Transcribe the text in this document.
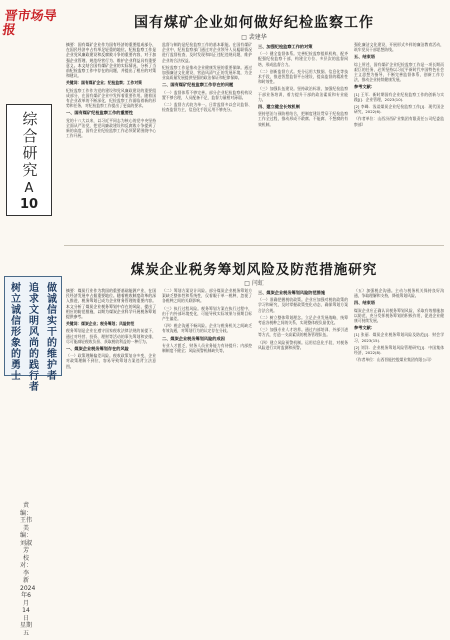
晋市场导
报
综合研究
A
10
做诚信实干的维护者
追求文明风尚的践行者
树立诚信形象的勇士
责编：王伟 美编：刘淑芳 校对：李 新 2024年6月14日 星期五
国有煤矿企业如何做好纪检监察工作
□ 裴建华

摘要：国有煤矿企业作为国有经济的重要组成部分，在国民经济中占有举足轻重的地位。纪检监察工作是企业党风廉政建设和反腐败斗争的重要内容，对于加强企业管理、规范经营行为、维护企业利益具有重要意义。本文结合国有煤矿企业的实际情况，分析了当前纪检监察工作中存在的问题，并提出了相应的对策和建议。

关键词：国有煤矿企业；纪检监察；工作对策

纪检监察工作作为党的建设和党风廉政建设的重要组成部分，在国有煤矿企业中发挥着重要作用。随着国有企业改革的不断深化，纪检监察工作面临着新的形势和任务，对纪检监察工作提出了更高的要求。

一、国有煤矿纪检监察工作的重要性

党的十八大以来，以习近平同志为核心的党中央坚持全面从严治党，把党风廉政建设和反腐败斗争提到了新的高度，国有企业纪检监察工作必须紧紧围绕中心工作开展。

监督与制约是纪检监察工作的基本职能。在国有煤矿企业中，纪检监察部门通过对企业领导人员履职情况进行监督检查，及时发现和纠正违纪违规问题，维护企业的合法权益。

纪检监察工作是推动企业健康发展的重要保障。通过加强廉洁文化建设，营造风清气正的发展环境，为企业高质量发展提供坚强的政治保证和纪律保障。

二、国有煤矿纪检监察工作存在的问题

（一）监督体系不够完善。部分企业纪检监察机构设置不够合理，人员配备不足，监督力量相对薄弱。

（二）监督方式较为单一。日常监督多以会议监督、检查监督为主，信息化手段运用不够充分。

三、加强纪检监察工作的对策

（一）健全监督体系。完善纪检监察组织机构，配齐配强纪检监察干部，构建全方位、多层次的监督网络，形成监督合力。

（二）创新监督方式。充分运用大数据、信息化等技术手段，推进智慧监督平台建设，提高监督的精准性和时效性。

（三）加强队伍建设。坚持政治标准，加强纪检监察干部业务培训，着力提升干部的政治素质和专业能力。

四、建立健全长效机制

坚持惩治与预防相结合，把制度建设贯穿于纪检监察工作全过程，推动形成不敢腐、不能腐、不想腐的有效机制。

强化廉洁文化建设，开展形式多样的廉洁教育活动，筑牢党员干部思想防线。

五、结束语

综上所述，国有煤矿企业纪检监察工作是一项长期而艰巨的任务，必须坚持以习近平新时代中国特色社会主义思想为指导，不断完善监督体系，创新工作方法，推动企业持续健康发展。

参考文献：

[1] 王军．新时期国有企业纪检监察工作的创新与实践[J]．企业管理，2023(10)．

[2] 李峰．浅谈煤炭企业纪检监察工作[J]．现代国企研究，2022(6)．

（作者单位：山西汾西矿业集团有限责任公司纪委监察部）

煤炭企业税务筹划风险及防范措施研究
□ 闫虹

摘要：煤炭行业作为我国的重要基础能源产业，在国民经济发展中占据重要地位。随着税收制度改革的深入推进，税务筹划已成为企业财务管理的重要内容。本文分析了煤炭企业税务筹划中存在的风险，提出了相应的防范措施，以期为煤炭企业科学开展税务筹划提供参考。

关键词：煤炭企业；税务筹划；风险防范

税务筹划是企业在遵守国家税收法律法规的前提下，通过对经营、投资、理财等活动的事先筹划和安排，尽可能减轻税收负担、获取税收利益的一种行为。

一、煤炭企业税务筹划存在的风险

（一）政策理解偏差风险。税收政策复杂多变，企业对政策理解不到位，容易导致筹划方案违背立法意图。

（二）筹划方案设计风险。部分煤炭企业税务筹划方案缺乏整体性和系统性，仅着眼于单一税种，忽视了各税种之间的关联影响。

（三）执行过程风险。税务筹划方案在执行过程中，由于内外部环境变化，可能导致实际效果与预期目标产生偏差。

（四）税企沟通不畅风险。企业与税务机关之间缺乏有效沟通，对筹划行为的认定存在分歧。

二、煤炭企业税务筹划风险的成因

专业人才匮乏，财务人员业务能力有待提升；内部控制制度不健全；风险预警机制缺失等。

三、煤炭企业税务筹划风险防范措施

（一）准确把握税收政策。企业应加强对税收政策的学习和研究，及时掌握政策变化动态，确保筹划方案合法合规。

（二）树立整体筹划理念。立足企业发展战略，统筹考虑各税种之间的关系，实现整体税负最优化。

（三）加强专业人才培养。通过内部培训、外部引进等方式，打造一支高素质的税务管理队伍。

（四）建立风险预警机制。运用信息化手段，对税务风险进行实时监测和预警。

（五）加强税企沟通。主动与税务机关保持良好沟通，争取理解和支持，降低筹划风险。

四、结束语

煤炭企业应正确认识税务筹划风险，采取有效措施加以防范，充分发挥税务筹划的积极作用，促进企业健康可持续发展。

参考文献：

[1] 张丽．煤炭企业税务筹划风险及防范[J]．财会学习，2023(15)．

[2] 刘洋．企业税务筹划风险管理研究[J]．中国集体经济，2022(8)．

（作者单位：山西晋能控股煤业集团有限公司）
